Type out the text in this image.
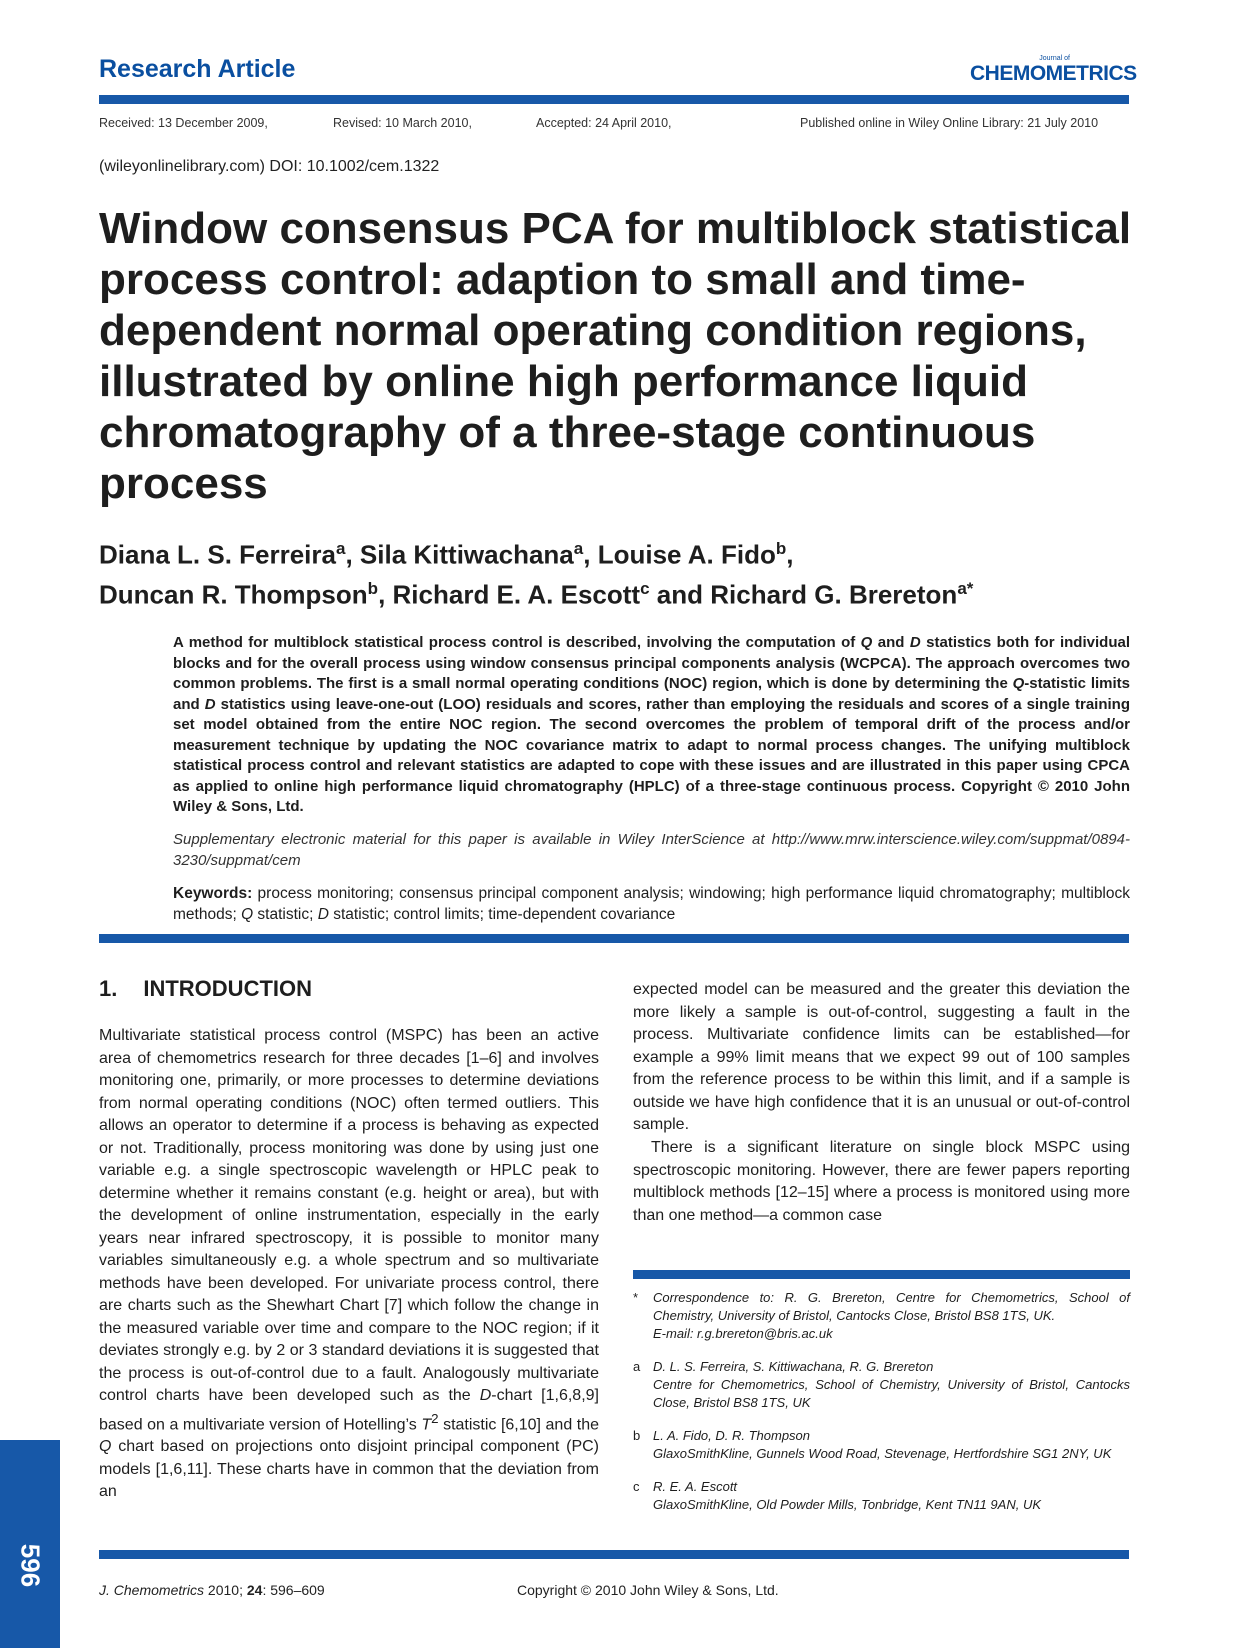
Research Article	Journal of
CHEMOMETRICS
Received: 13 December 2009,	Revised: 10 March 2010,	Accepted: 24 April 2010,	Published online in Wiley Online Library: 21 July 2010
(wileyonlinelibrary.com) DOI: 10.1002/cem.1322
Window consensus PCA for multiblock statistical process control: adaption to small and time-dependent normal operating condition regions, illustrated by online high performance liquid chromatography of a three-stage continuous process
Diana L. S. Ferreira$^a$, Sila Kittiwachana$^a$, Louise A. Fido$^b$,
Duncan R. Thompson$^b$, Richard E. A. Escott$^c$ and Richard G. Brereton$^{a*}$

A method for multiblock statistical process control is described, involving the computation of Q and D statistics both for individual blocks and for the overall process using window consensus principal components analysis (WCPCA). The approach overcomes two common problems. The first is a small normal operating conditions (NOC) region, which is done by determining the Q-statistic limits and D statistics using leave-one-out (LOO) residuals and scores, rather than employing the residuals and scores of a single training set model obtained from the entire NOC region. The second overcomes the problem of temporal drift of the process and/or measurement technique by updating the NOC covariance matrix to adapt to normal process changes. The unifying multiblock statistical process control and relevant statistics are adapted to cope with these issues and are illustrated in this paper using CPCA as applied to online high performance liquid chromatography (HPLC) of a three-stage continuous process. Copyright © 2010 John Wiley & Sons, Ltd.

Supplementary electronic material for this paper is available in Wiley InterScience at http://www.mrw.interscience.wiley.com/suppmat/0894-3230/suppmat/cem

Keywords: process monitoring; consensus principal component analysis; windowing; high performance liquid chromatography; multiblock methods; Q statistic; D statistic; control limits; time-dependent covariance

1. INTRODUCTION

Multivariate statistical process control (MSPC) has been an active area of chemometrics research for three decades [1–6] and involves monitoring one, primarily, or more processes to determine deviations from normal operating conditions (NOC) often termed outliers. This allows an operator to determine if a process is behaving as expected or not. Traditionally, process monitoring was done by using just one variable e.g. a single spectroscopic wavelength or HPLC peak to determine whether it remains constant (e.g. height or area), but with the development of online instrumentation, especially in the early years near infrared spectroscopy, it is possible to monitor many variables simultaneously e.g. a whole spectrum and so multivariate methods have been developed. For univariate process control, there are charts such as the Shewhart Chart [7] which follow the change in the measured variable over time and compare to the NOC region; if it deviates strongly e.g. by 2 or 3 standard deviations it is suggested that the process is out-of-control due to a fault. Analogously multivariate control charts have been developed such as the D-chart [1,6,8,9] based on a multivariate version of Hotelling’s $T^2$ statistic [6,10] and the Q chart based on projections onto disjoint principal component (PC) models [1,6,11]. These charts have in common that the deviation from an

expected model can be measured and the greater this deviation the more likely a sample is out-of-control, suggesting a fault in the process. Multivariate confidence limits can be established—for example a 99% limit means that we expect 99 out of 100 samples from the reference process to be within this limit, and if a sample is outside we have high confidence that it is an unusual or out-of-control sample.

There is a significant literature on single block MSPC using spectroscopic monitoring. However, there are fewer papers reporting multiblock methods [12–15] where a process is monitored using more than one method—a common case

*	Correspondence to: R. G. Brereton, Centre for Chemometrics, School of Chemistry, University of Bristol, Cantocks Close, Bristol BS8 1TS, UK.
E-mail: r.g.brereton@bris.ac.uk
a D. L. S. Ferreira, S. Kittiwachana, R. G. Brereton
Centre for Chemometrics, School of Chemistry, University of Bristol, Cantocks Close, Bristol BS8 1TS, UK
b L. A. Fido, D. R. Thompson
GlaxoSmithKline, Gunnels Wood Road, Stevenage, Hertfordshire SG1 2NY, UK
c	R. E. A. Escott
GlaxoSmithKline, Old Powder Mills, Tonbridge, Kent TN11 9AN, UK
596
J. Chemometrics 2010; 24: 596–609	Copyright © 2010 John Wiley & Sons, Ltd.
